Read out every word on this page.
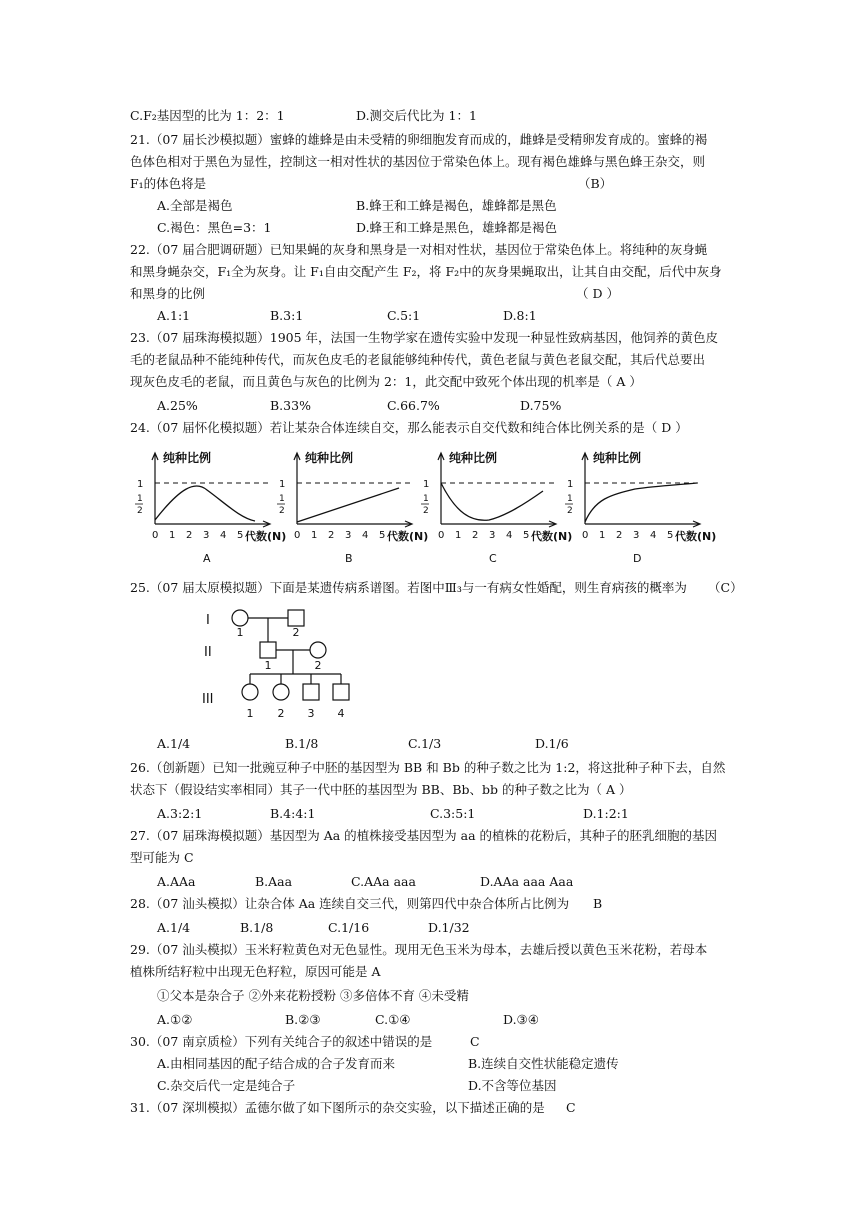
C.F₂基因型的比为 1：2：1	D.测交后代比为 1：1
21.（07 届长沙模拟题）蜜蜂的雄蜂是由未受精的卵细胞发育而成的，雌蜂是受精卵发育成的。蜜蜂的褐
色体色相对于黑色为显性，控制这一相对性状的基因位于常染色体上。现有褐色雄蜂与黑色蜂王杂交，则
F₁的体色将是	（B）
A.全部是褐色	B.蜂王和工蜂是褐色，雄蜂都是黑色
C.褐色：黑色=3：1	D.蜂王和工蜂是黑色，雄蜂都是褐色
22.（07 届合肥调研题）已知果蝇的灰身和黑身是一对相对性状，基因位于常染色体上。将纯种的灰身蝇
和黑身蝇杂交，F₁全为灰身。让 F₁自由交配产生 F₂，将 F₂中的灰身果蝇取出，让其自由交配，后代中灰身
和黑身的比例	（ D ）
A.1:1	B.3:1	C.5:1	D.8:1
23.（07 届珠海模拟题）1905 年，法国一生物学家在遗传实验中发现一种显性致病基因，他饲养的黄色皮
毛的老鼠品种不能纯种传代，而灰色皮毛的老鼠能够纯种传代，黄色老鼠与黄色老鼠交配，其后代总要出
现灰色皮毛的老鼠，而且黄色与灰色的比例为 2：1，此交配中致死个体出现的机率是（ A ）
A.25%	B.33%	C.66.7%	D.75%
24.（07 届怀化模拟题）若让某杂合体连续自交，那么能表示自交代数和纯合体比例关系的是（ D ）
1
1
2
纯种比例
0 1 2 3 4 5 代数(N)
A
1
1
2
纯种比例
0 1 2 3 4 5 代数(N)
B
1
1
2
纯种比例
0 1 2 3 4 5 代数(N)
C
1
1
2
纯种比例
0 1 2 3 4 5 代数(N)
D
25.（07 届太原模拟题）下面是某遗传病系谱图。若图中Ⅲ₃与一有病女性婚配，则生育病孩的概率为 （C）
I
II
III
1	2
1	2
1 2 3 4
A.1/4	B.1/8	C.1/3	D.1/6
26.（创新题）已知一批豌豆种子中胚的基因型为 BB 和 Bb 的种子数之比为 1:2，将这批种子种下去，自然
状态下（假设结实率相同）其子一代中胚的基因型为 BB、Bb、bb 的种子数之比为（ A ）
A.3:2:1	B.4:4:1	C.3:5:1	D.1:2:1
27.（07 届珠海模拟题）基因型为 Aa 的植株接受基因型为 aa 的植株的花粉后，其种子的胚乳细胞的基因
型可能为 C
A.AAa	B.Aaa	C.AAa aaa	D.AAa aaa Aaa
28.（07 汕头模拟）让杂合体 Aa 连续自交三代，则第四代中杂合体所占比例为 B
A.1/4	B.1/8	C.1/16	D.1/32
29.（07 汕头模拟）玉米籽粒黄色对无色显性。现用无色玉米为母本，去雄后授以黄色玉米花粉，若母本
植株所结籽粒中出现无色籽粒，原因可能是 A
①父本是杂合子 ②外来花粉授粉 ③多倍体不育 ④未受精
A.①②	B.②③	C.①④	D.③④
30.（07 南京质检）下列有关纯合子的叙述中错误的是	C
A.由相同基因的配子结合成的合子发育而来	B.连续自交性状能稳定遗传
C.杂交后代一定是纯合子	D.不含等位基因
31.（07 深圳模拟）孟德尔做了如下图所示的杂交实验，以下描述正确的是 C
